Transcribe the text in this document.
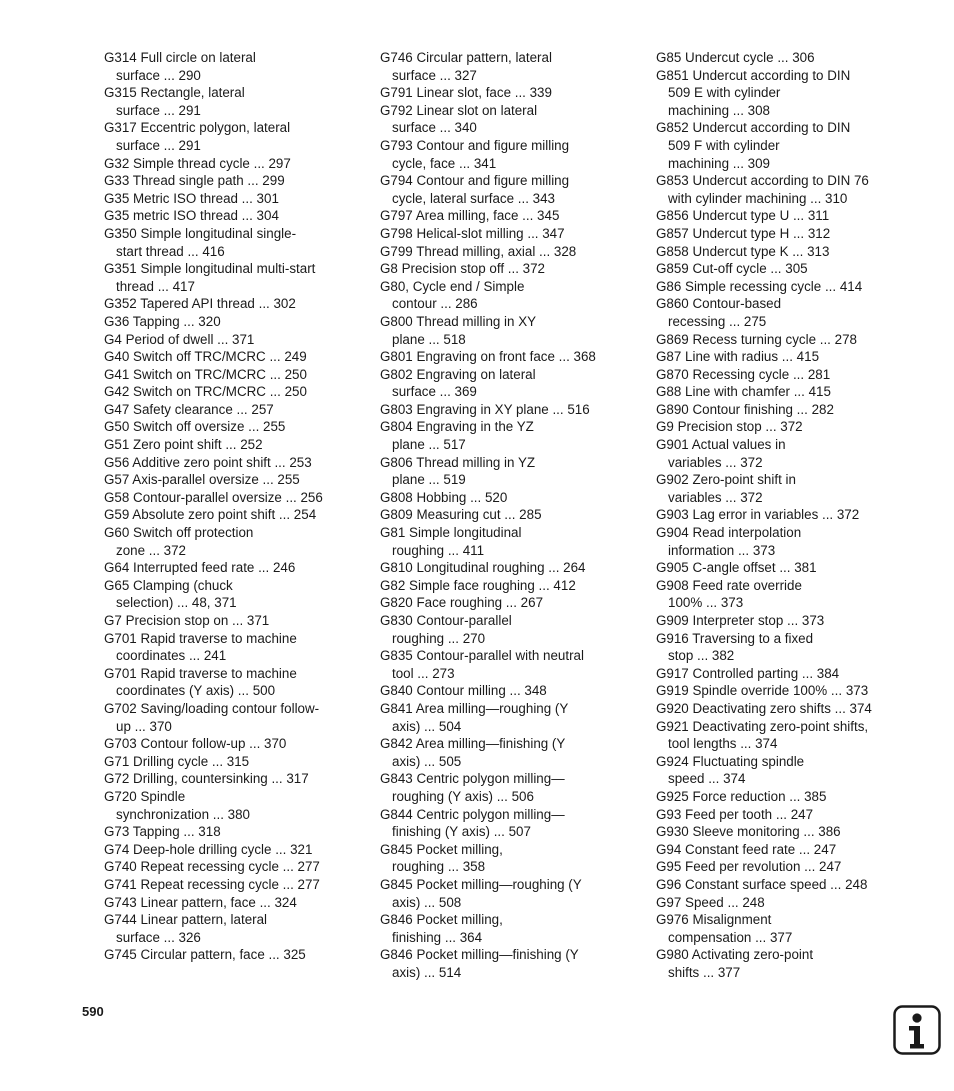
G314 Full circle on lateral
surface ... 290
G315 Rectangle, lateral
surface ... 291
G317 Eccentric polygon, lateral
surface ... 291
G32 Simple thread cycle ... 297
G33 Thread single path ... 299
G35 Metric ISO thread ... 301
G35 metric ISO thread ... 304
G350 Simple longitudinal single-
start thread ... 416
G351 Simple longitudinal multi-start
thread ... 417
G352 Tapered API thread ... 302
G36 Tapping ... 320
G4 Period of dwell ... 371
G40 Switch off TRC/MCRC ... 249
G41 Switch on TRC/MCRC ... 250
G42 Switch on TRC/MCRC ... 250
G47 Safety clearance ... 257
G50 Switch off oversize ... 255
G51 Zero point shift ... 252
G56 Additive zero point shift ... 253
G57 Axis-parallel oversize ... 255
G58 Contour-parallel oversize ... 256
G59 Absolute zero point shift ... 254
G60 Switch off protection
zone ... 372
G64 Interrupted feed rate ... 246
G65 Clamping (chuck
selection) ... 48, 371
G7 Precision stop on ... 371
G701 Rapid traverse to machine
coordinates ... 241
G701 Rapid traverse to machine
coordinates (Y axis) ... 500
G702 Saving/loading contour follow-
up ... 370
G703 Contour follow-up ... 370
G71 Drilling cycle ... 315
G72 Drilling, countersinking ... 317
G720 Spindle
synchronization ... 380
G73 Tapping ... 318
G74 Deep-hole drilling cycle ... 321
G740 Repeat recessing cycle ... 277
G741 Repeat recessing cycle ... 277
G743 Linear pattern, face ... 324
G744 Linear pattern, lateral
surface ... 326
G745 Circular pattern, face ... 325
G746 Circular pattern, lateral
surface ... 327
G791 Linear slot, face ... 339
G792 Linear slot on lateral
surface ... 340
G793 Contour and figure milling
cycle, face ... 341
G794 Contour and figure milling
cycle, lateral surface ... 343
G797 Area milling, face ... 345
G798 Helical-slot milling ... 347
G799 Thread milling, axial ... 328
G8 Precision stop off ... 372
G80, Cycle end / Simple
contour ... 286
G800 Thread milling in XY
plane ... 518
G801 Engraving on front face ... 368
G802 Engraving on lateral
surface ... 369
G803 Engraving in XY plane ... 516
G804 Engraving in the YZ
plane ... 517
G806 Thread milling in YZ
plane ... 519
G808 Hobbing ... 520
G809 Measuring cut ... 285
G81 Simple longitudinal
roughing ... 411
G810 Longitudinal roughing ... 264
G82 Simple face roughing ... 412
G820 Face roughing ... 267
G830 Contour-parallel
roughing ... 270
G835 Contour-parallel with neutral
tool ... 273
G840 Contour milling ... 348
G841 Area milling—roughing (Y
axis) ... 504
G842 Area milling—finishing (Y
axis) ... 505
G843 Centric polygon milling—
roughing (Y axis) ... 506
G844 Centric polygon milling—
finishing (Y axis) ... 507
G845 Pocket milling,
roughing ... 358
G845 Pocket milling—roughing (Y
axis) ... 508
G846 Pocket milling,
finishing ... 364
G846 Pocket milling—finishing (Y
axis) ... 514
G85 Undercut cycle ... 306
G851 Undercut according to DIN
509 E with cylinder
machining ... 308
G852 Undercut according to DIN
509 F with cylinder
machining ... 309
G853 Undercut according to DIN 76
with cylinder machining ... 310
G856 Undercut type U ... 311
G857 Undercut type H ... 312
G858 Undercut type K ... 313
G859 Cut-off cycle ... 305
G86 Simple recessing cycle ... 414
G860 Contour-based
recessing ... 275
G869 Recess turning cycle ... 278
G87 Line with radius ... 415
G870 Recessing cycle ... 281
G88 Line with chamfer ... 415
G890 Contour finishing ... 282
G9 Precision stop ... 372
G901 Actual values in
variables ... 372
G902 Zero-point shift in
variables ... 372
G903 Lag error in variables ... 372
G904 Read interpolation
information ... 373
G905 C-angle offset ... 381
G908 Feed rate override
100% ... 373
G909 Interpreter stop ... 373
G916 Traversing to a fixed
stop ... 382
G917 Controlled parting ... 384
G919 Spindle override 100% ... 373
G920 Deactivating zero shifts ... 374
G921 Deactivating zero-point shifts,
tool lengths ... 374
G924 Fluctuating spindle
speed ... 374
G925 Force reduction ... 385
G93 Feed per tooth ... 247
G930 Sleeve monitoring ... 386
G94 Constant feed rate ... 247
G95 Feed per revolution ... 247
G96 Constant surface speed ... 248
G97 Speed ... 248
G976 Misalignment
compensation ... 377
G980 Activating zero-point
shifts ... 377
590
